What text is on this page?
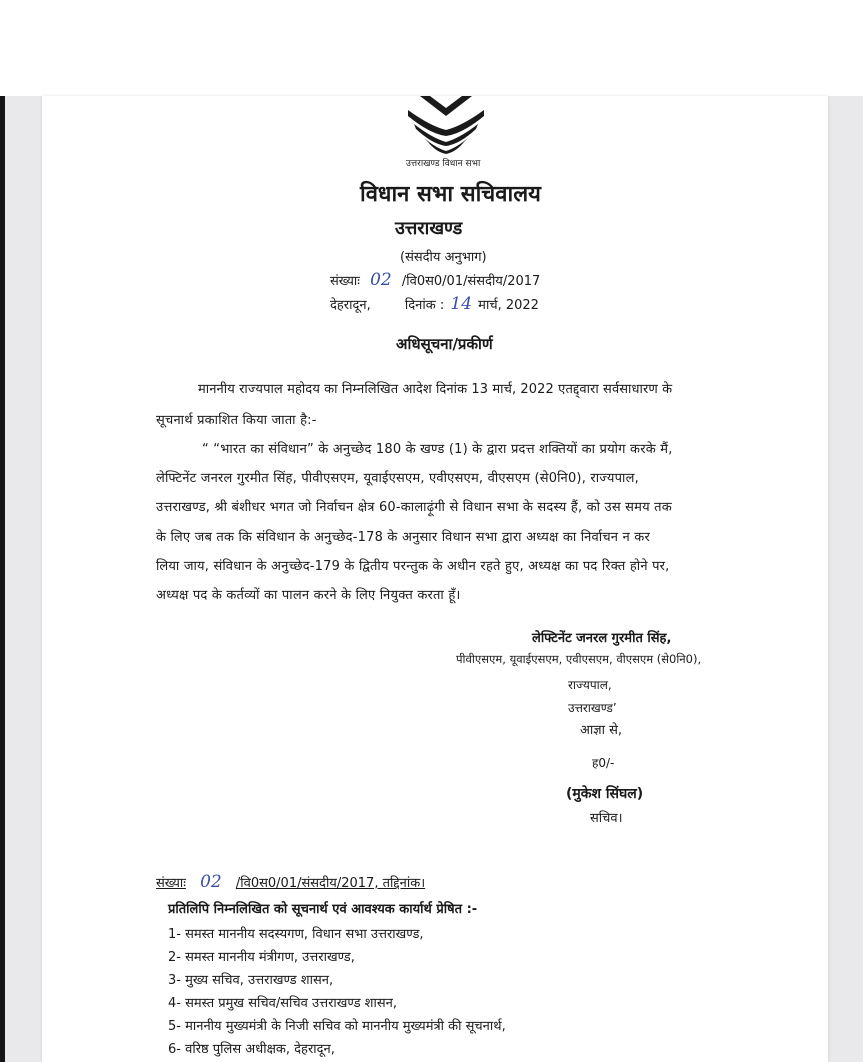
उत्तराखण्ड विधान सभा
विधान सभा सचिवालय
उत्तराखण्ड
(संसदीय अनुभाग)
संख्याः 02 /वि0स0/01/संसदीय/2017
देहरादून,	दिनांक : 14 मार्च, 2022
अधिसूचना/प्रकीर्ण
माननीय राज्यपाल महोदय का निम्नलिखित आदेश दिनांक 13 मार्च, 2022 एतद्द्वारा सर्वसाधारण के
सूचनार्थ प्रकाशित किया जाता है:-
“ “भारत का संविधान” के अनुच्छेद 180 के खण्ड (1) के द्वारा प्रदत्त शक्तियों का प्रयोग करके मैं,
लेफ्टिनेंट जनरल गुरमीत सिंह, पीवीएसएम, यूवाईएसएम, एवीएसएम, वीएसएम (से0नि0), राज्यपाल,
उत्तराखण्ड, श्री बंशीधर भगत जो निर्वाचन क्षेत्र 60-कालाढ़ूंगी से विधान सभा के सदस्य हैं, को उस समय तक
के लिए जब तक कि संविधान के अनुच्छेद-178 के अनुसार विधान सभा द्वारा अध्यक्ष का निर्वाचन न कर
लिया जाय, संविधान के अनुच्छेद-179 के द्वितीय परन्तुक के अधीन रहते हुए, अध्यक्ष का पद रिक्त होने पर,
अध्यक्ष पद के कर्तव्यों का पालन करने के लिए नियुक्त करता हूँ।
लेफ्टिनेंट जनरल गुरमीत सिंह,
पीवीएसएम, यूवाईएसएम, एवीएसएम, वीएसएम (से0नि0),
राज्यपाल,
उत्तराखण्ड’
आज्ञा से,
ह0/-
(मुकेश सिंघल)
सचिव।
संख्याः 02 /वि0स0/01/संसदीय/2017, तद्दिनांक।
प्रतिलिपि निम्नलिखित को सूचनार्थ एवं आवश्यक कार्यार्थ प्रेषित :-
1- समस्त माननीय सदस्यगण, विधान सभा उत्तराखण्ड,
2- समस्त माननीय मंत्रीगण, उत्तराखण्ड,
3- मुख्य सचिव, उत्तराखण्ड शासन,
4- समस्त प्रमुख सचिव/सचिव उत्तराखण्ड शासन,
5- माननीय मुख्यमंत्री के निजी सचिव को माननीय मुख्यमंत्री की सूचनार्थ,
6- वरिष्ठ पुलिस अधीक्षक, देहरादून,
